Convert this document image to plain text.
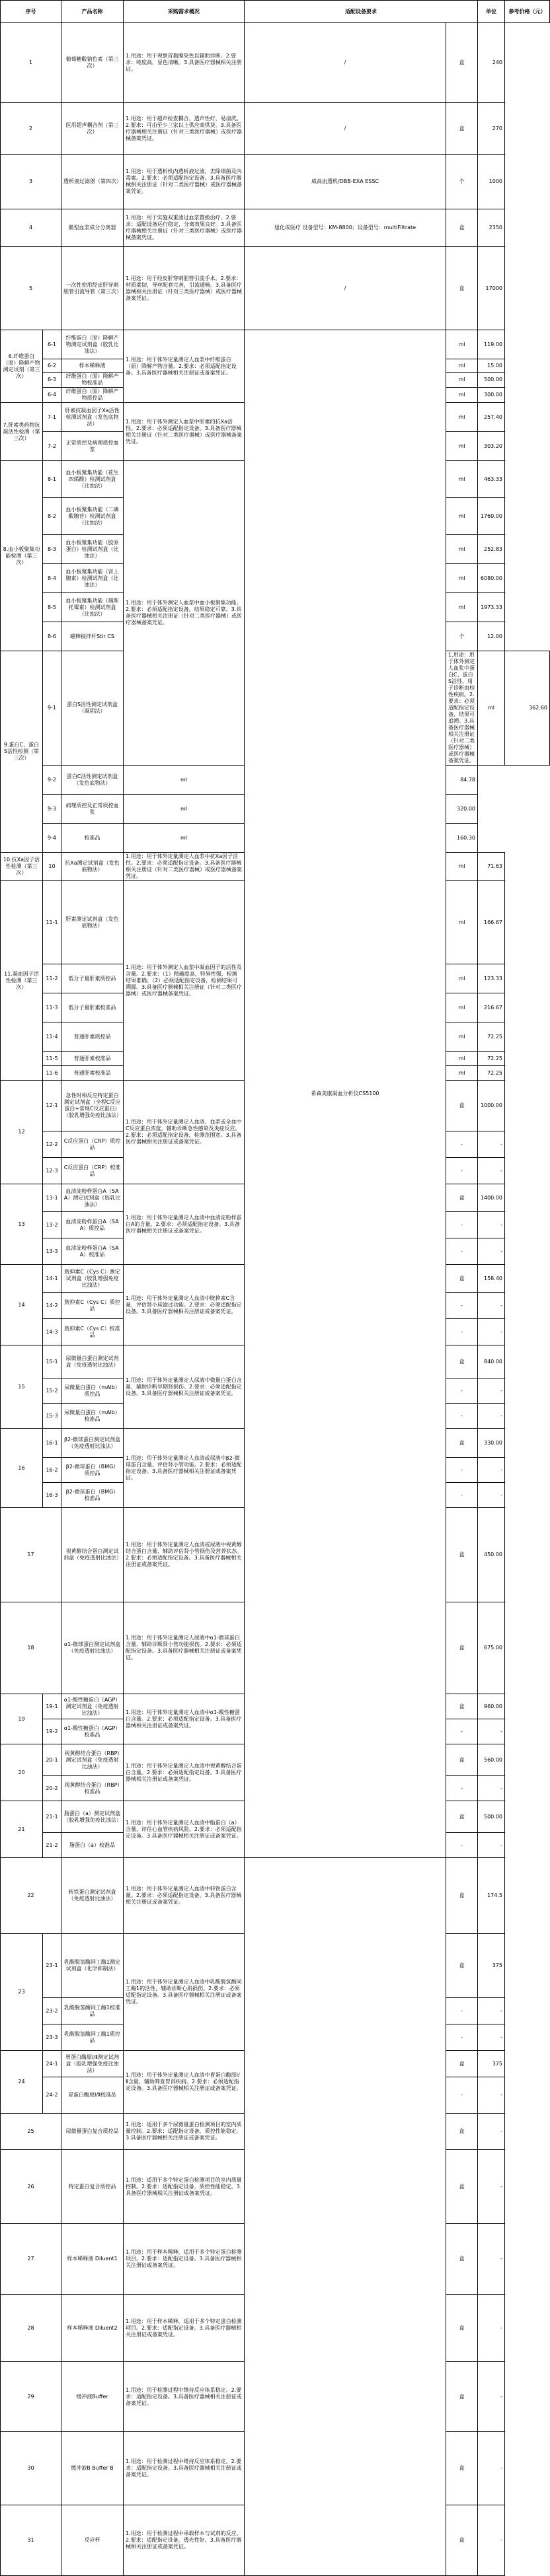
序号		产品名称	采购需求概况	适配设备要求		单位	参考价格（元）
1		葡萄糖酸钠色素（第三次）	1.用途：用于观察胃黏膜染色以辅助诊断。2.要求：纯度高，显色清晰。3.具备医疗器械相关注册证。	/	盒	240	
2		医用超声耦合剂（第三次）	1.用途：用于超声检查耦合，透声性好，易清洗。2.要求：可由至少三家以上供应商供货。3.具备医疗器械相关注册证（针对三类医疗器械）或医疗器械备案凭证。	/	盒	270	
3		透析液过滤器（第四次）	1.用途：用于透析机内透析液过滤，去除细菌及内毒素。2.要求：必须适配指定设备。3.具备医疗器械相关注册证（针对二类医疗器械）或医疗器械备案凭证。	威高血透机/DBB-EXA ESSC	个	1000	
4		膜型血浆成分分离器	1.用途：用于实施双重滤过血浆置换治疗。2.要求：适配设备运行稳定，分离效果良好。3.具备医疗器械相关注册证（针对三类医疗器械）或医疗器械备案凭证。	旭化成医疗 设备型号：KM-8800；设备型号：multiFiltrate	盒	2350	
5		一次性使用经皮肝穿刺胆管引流导管（第三次）	1.用途：用于经皮肝穿刺胆管引流手术。2.要求：材质柔韧，导丝配套完善，引流通畅。3.具备医疗器械相关注册证（针对三类医疗器械）或医疗器械备案凭证。	/	盒	17000	
6.纤维蛋白（原）降解产物测定试剂（第三次）	6-1	纤维蛋白（原）降解产物测定试剂盒（胶乳比浊法）	1.用途：用于体外定量测定人血浆中纤维蛋白（原）降解产物含量。2.要求：必须适配指定设备。3.具备医疗器械相关注册证或备案凭证。	希森美康凝血分析仪CS5100	ml	119.00	
	6-2	样本稀释液			ml	15.00	
	6-3	纤维蛋白（原）降解产物校准品			ml	500.00	
	6-4	纤维蛋白（原）降解产物质控品			ml	300.00	
7.肝素类药物抗凝活性检测（第三次）	7-1	肝素抗凝血因子Xa活性检测试剂盒（发色底物法）	1.用途：用于体外测定人血浆中肝素的抗Xa活性。2.要求：必须适配指定设备。3.具备医疗器械相关注册证（针对二类医疗器械）或医疗器械备案凭证。		ml	257.40	
	7-2	正常质控及病理质控血浆			ml	303.20	
8.血小板聚集功能检测（第三次）	8-1	血小板聚集功能（花生四烯酸）检测试剂盒（比浊法）	1.用途：用于体外测定人血浆中血小板聚集功能。2.要求：必须适配指定设备，结果稳定可靠。3.具备医疗器械相关注册证（针对二类医疗器械）或医疗器械备案凭证。		ml	463.33	
	8-2	血小板聚集功能（二磷酸腺苷）检测试剂盒（比浊法）			ml	1760.00	
	8-3	血小板聚集功能（胶原蛋白）检测试剂盒（比浊法）			ml	252.83	
	8-4	血小板聚集功能（肾上腺素）检测试剂盒（比浊法）			ml	6080.00	
	8-5	血小板聚集功能（瑞斯托霉素）检测试剂盒（比浊法）			ml	1973.33	
	8-6	磁棒搅拌杆Stir CS			个	12.00	
9.蛋白C、蛋白S活性检测（第三次）	9-1	蛋白S活性测定试剂盒（凝固法）			1.用途：用于体外测定人血浆中蛋白C、蛋白S活性，用于诊断血栓性疾病。2.要求：必须适配指定设备，结果可追溯。3.具备医疗器械相关注册证（针对二类医疗器械）或医疗器械备案凭证。	ml	362.60
	9-2	蛋白C活性测定试剂盒（发色底物法）	ml		84.78		
	9-3	病理质控及正常质控血浆	ml		320.00		
	9-4	校准品	ml		160.30		
10.抗Xa因子活性检测（第三次）	10	抗Xa测定试剂盒（发色底物法）	1.用途：用于体外定量测定人血浆中抗Xa因子活性。2.要求：必须适配指定设备。3.具备医疗器械相关注册证（针对二类医疗器械）或医疗器械备案凭证。		ml	71.63	
11.凝血因子活性检测（第三次）	11-1	肝素测定试剂盒（发色底物法）	1.用途：用于体外测定人血浆中凝血因子的活性及含量。2.要求：（1）精确度高，特异性强，检测结果准确；（2）必须适配指定设备，检测结果可溯源。3.具备医疗器械相关注册证（针对二类医疗器械）或医疗器械备案凭证。		ml	166.67	
	11-2	低分子量肝素质控品			ml	123.33	
	11-3	低分子量肝素校准品			ml	216.67	
	11-4	普通肝素质控品			ml	72.25	
	11-5	普通肝素校准品			ml	72.25	
	11-6	普通肝素校准品			ml	72.25	
12	12-1	急性时相反应特定蛋白测定试剂盒（全程C反应蛋白+常规C反应蛋白）（胶乳增强免疫比浊法）	1.用途：用于体外定量测定人血清、血浆或全血中C反应蛋白浓度，辅助诊断急性感染及炎症反应。2.要求：必须适配指定设备，检测范围宽。3.具备医疗器械相关注册证或备案凭证。		盒	1000.00	
	12-2	C反应蛋白（CRP）质控品			-	-	
	12-3	C反应蛋白（CRP）校准品			-	-	
13	13-1	血清淀粉样蛋白A（SAA）测定试剂盒（胶乳比浊法）	1.用途：用于体外定量测定人血清中血清淀粉样蛋白A的含量。2.要求：必须适配指定设备。3.具备医疗器械相关注册证或备案凭证。		盒	1400.00	
	13-2	血清淀粉样蛋白A（SAA）质控品			-	-	
	13-3	血清淀粉样蛋白A（SAA）校准品			-	-	
14	14-1	胱抑素C（Cys C）测定试剂盒（胶乳增强免疫比浊法）	1.用途：用于体外定量测定人血清中胱抑素C含量，评估肾小球滤过功能。2.要求：必须适配指定设备。3.具备医疗器械相关注册证或备案凭证。		盒	158.40	
	14-2	胱抑素C（Cys C）质控品			-	-	
	14-3	胱抑素C（Cys C）校准品			-	-	
15	15-1	尿微量白蛋白测定试剂盒（免疫透射比浊法）	1.用途：用于体外定量测定人尿液中微量白蛋白含量，辅助诊断早期肾损伤。2.要求：必须适配指定设备。3.具备医疗器械相关注册证或备案凭证。		盒	840.00	
	15-2	尿微量白蛋白（mAlb）质控品			-	-	
	15-3	尿微量白蛋白（mAlb）校准品			-	-	
16	16-1	β2-微球蛋白测定试剂盒（免疫透射比浊法）	1.用途：用于体外定量测定人血清或尿液中β2-微球蛋白含量，评估肾小管功能。2.要求：必须适配指定设备。3.具备医疗器械相关注册证或备案凭证。		盒	330.00	
	16-2	β2-微球蛋白（BMG）质控品			-	-	
	16-3	β2-微球蛋白（BMG）校准品			-	-	
17		视黄醇结合蛋白测定试剂盒（免疫透射比浊法）	1.用途：用于体外定量测定人血清或尿液中视黄醇结合蛋白含量，辅助评估肾小管损伤及营养状态。2.要求：必须适配指定设备。3.具备医疗器械相关注册证或备案凭证。		盒	450.00	
18		α1-微球蛋白测定试剂盒（免疫透射比浊法）	1.用途：用于体外定量测定人尿液中α1-微球蛋白含量，辅助诊断肾小管功能损伤。2.要求：必须适配指定设备。3.具备医疗器械相关注册证或备案凭证。		盒	675.00	
19	19-1	α1-酸性糖蛋白（AGP）测定试剂盒（免疫透射比浊法）	1.用途：用于体外定量测定人血清中α1-酸性糖蛋白含量。2.要求：必须适配指定设备。3.具备医疗器械相关注册证或备案凭证。		盒	960.00	
	19-2	α1-酸性糖蛋白（AGP）校准品			-	-	
20	20-1	视黄醇结合蛋白（RBP）测定试剂盒（免疫透射比浊法）	1.用途：用于体外定量测定人血清中视黄醇结合蛋白含量。2.要求：必须适配指定设备。3.具备医疗器械相关注册证或备案凭证。		盒	560.00	
	20-2	视黄醇结合蛋白（RBP）校准品			-	-	
21	21-1	脂蛋白（a）测定试剂盒（胶乳增强免疫比浊法）	1.用途：用于体外定量测定人血清中脂蛋白（a）含量，评估心血管疾病风险。2.要求：必须适配指定设备。3.具备医疗器械相关注册证或备案凭证。		盒	500.00	
	21-2	脂蛋白（a）校准品			-	-	
22		转铁蛋白测定试剂盒（免疫透射比浊法）	1.用途：用于体外定量测定人血清中转铁蛋白含量。2.要求：必须适配指定设备。3.具备医疗器械相关注册证或备案凭证。		盒	174.5	
23	23-1	乳酸脱氢酶同工酶1测定试剂盒（化学抑制法）	1.用途：用于体外定量测定人血清中乳酸脱氢酶同工酶1的活性，辅助诊断心肌损伤。2.要求：必须适配指定设备。3.具备医疗器械相关注册证或备案凭证。		盒	375	
	23-2	乳酸脱氢酶同工酶1校准品			-	-	
	23-3	乳酸脱氢酶同工酶1质控品			-	-	
24	24-1	胃蛋白酶原Ⅰ/Ⅱ测定试剂盒（胶乳增强免疫比浊法）	1.用途：用于体外定量测定人血清中胃蛋白酶原Ⅰ/Ⅱ含量，辅助筛查胃部疾病。2.要求：必须适配指定设备。3.具备医疗器械相关注册证或备案凭证。		盒	375	
	24-2	胃蛋白酶原Ⅰ/Ⅱ校准品			-	-	
25		尿微量蛋白复合质控品	1.用途：适用于多个尿微量蛋白检测项目的室内质量控制。2.要求：适配指定设备，质控性能稳定。3.具备医疗器械相关注册证或备案凭证。		盒	-	
26		特定蛋白复合质控品	1.用途：适用于多个特定蛋白检测项目的室内质量控制。2.要求：适配指定设备，质控性能稳定。3.具备医疗器械相关注册证或备案凭证。		盒	-	
27		样本稀释液 Diluent1	1.用途：用于样本稀释，适用于多个特定蛋白检测项目。2.要求：适配指定设备。3.具备医疗器械相关注册证或备案凭证。		盒	-	
28		样本稀释液 Diluent2	1.用途：用于样本稀释，适用于多个特定蛋白检测项目。2.要求：适配指定设备。3.具备医疗器械相关注册证或备案凭证。		盒	-	
29		缓冲液Buffer	1.用途：用于检测过程中维持反应体系稳定。2.要求：适配指定设备。3.具备医疗器械相关注册证或备案凭证。		盒	-	
30		缓冲液B Buffer B	1.用途：用于检测过程中维持反应体系稳定。2.要求：适配指定设备。3.具备医疗器械相关注册证或备案凭证。		盒	-	
31		反应杯	1.用途：用于检测过程中承载样本与试剂的反应。2.要求：适配指定设备，透光性好。3.具备医疗器械相关注册证或备案凭证。		盒	-	
